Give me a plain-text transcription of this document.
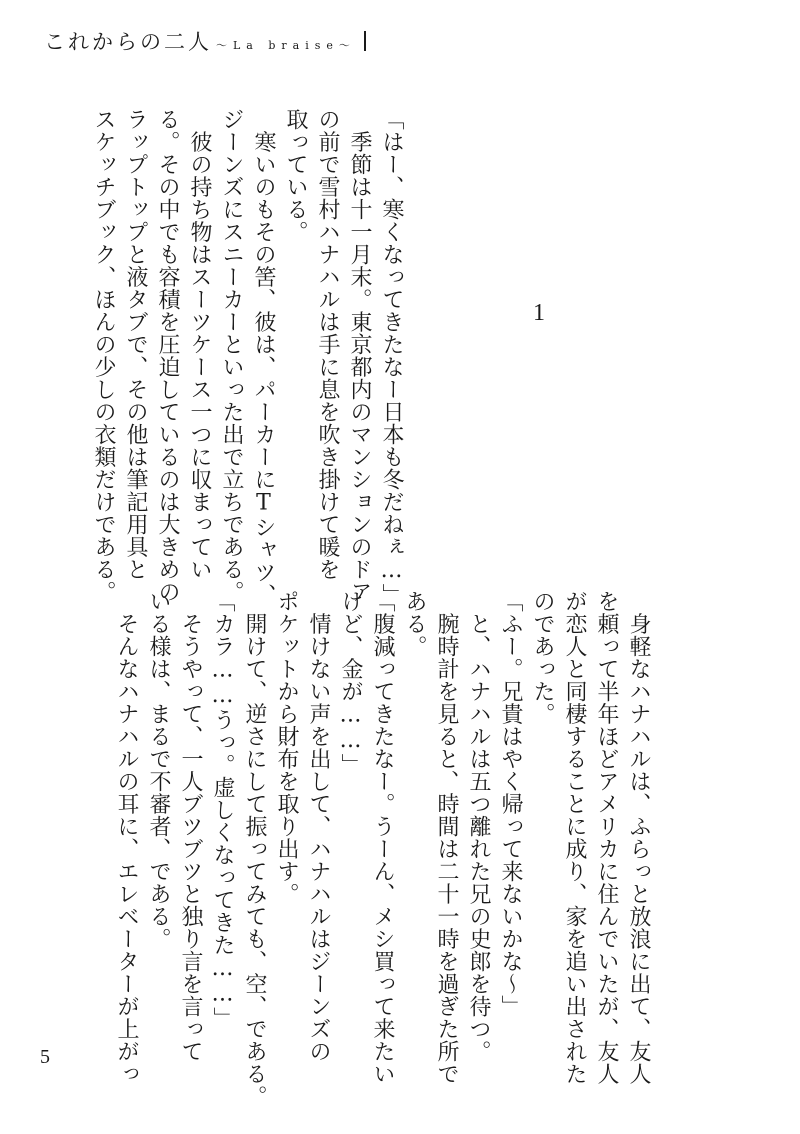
これからの二人 ～La braise～
1
「はー、寒くなってきたなー日本も冬だねぇ…」
　季節は十一月末。東京都内のマンションのドア
の前で雪村ハナハルは手に息を吹き掛けて暖を
取っている。
　寒いのもその筈、彼は、パーカーにTシャツ、
ジーンズにスニーカーといった出で立ちである。
　彼の持ち物はスーツケース一つに収まってい
る。その中でも容積を圧迫しているのは大きめの
ラップトップと液タブで、その他は筆記用具と
スケッチブック、ほんの少しの衣類だけである。
　身軽なハナハルは、ふらっと放浪に出て、友人
を頼って半年ほどアメリカに住んでいたが、友人
が恋人と同棲することに成り、家を追い出された
のであった。
「ふー。兄貴はやく帰って来ないかな～」
　と、ハナハルは五つ離れた兄の史郎を待つ。
　腕時計を見ると、時間は二十一時を過ぎた所で
ある。
「腹減ってきたなー。うーん、メシ買って来たい
けど、金が……」
　情けない声を出して、ハナハルはジーンズの
ポケットから財布を取り出す。
　開けて、逆さにして振ってみても、空、である。
「カラ……うっ。虚しくなってきた……」
　そうやって、一人ブツブツと独り言を言って
いる様は、まるで不審者、である。
　そんなハナハルの耳に、エレベーターが上がっ
5
